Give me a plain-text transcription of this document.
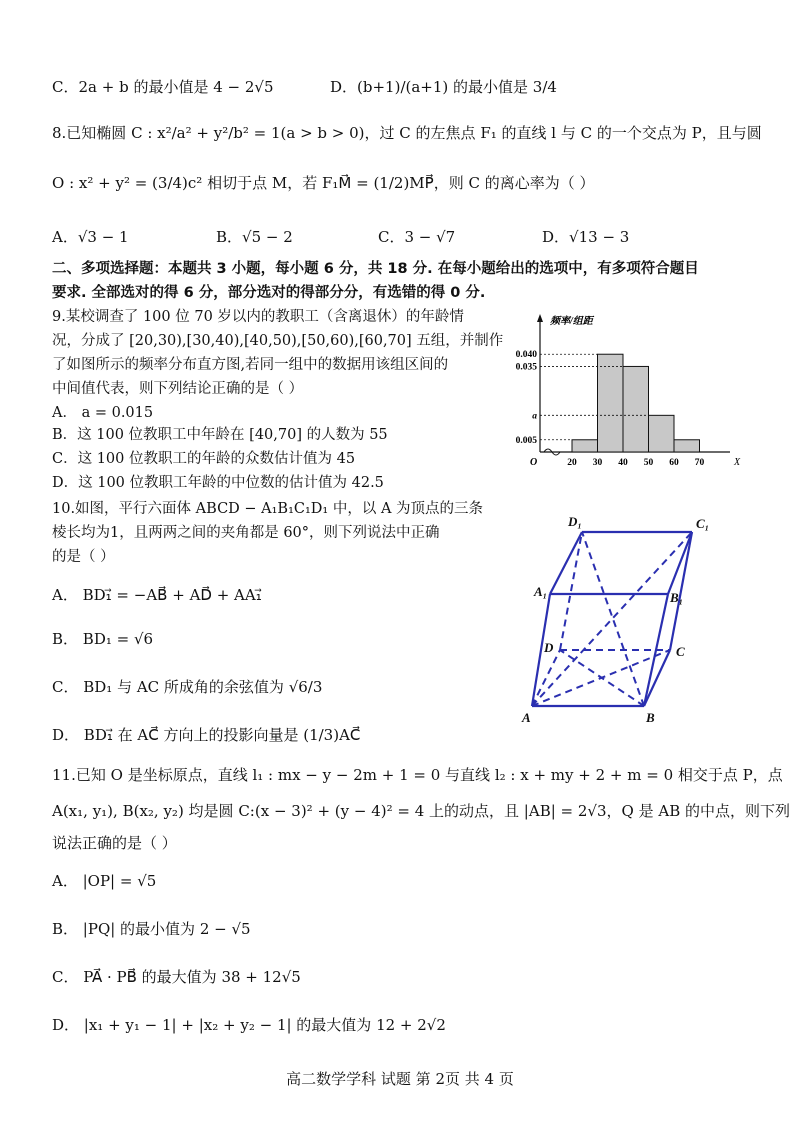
C．2a + b 的最小值是 4 − 2√5	D．(b+1)/(a+1) 的最小值是 3/4
8.已知椭圆 C : x²/a² + y²/b² = 1(a > b > 0)，过 C 的左焦点 F₁ 的直线 l 与 C 的一个交点为 P，且与圆
O : x² + y² = (3/4)c² 相切于点 M，若 F₁M⃗ = (1/2)MP⃗，则 C 的离心率为（ ）
A．√3 − 1	B．√5 − 2	C．3 − √7	D．√13 − 3
二、多项选择题：本题共 3 小题，每小题 6 分，共 18 分. 在每小题给出的选项中，有多项符合题目
要求. 全部选对的得 6 分，部分选对的得部分分，有选错的得 0 分.
9.某校调查了 100 位 70 岁以内的教职工（含离退休）的年龄情
况，分成了 [20,30),[30,40),[40,50),[50,60),[60,70] 五组，并制作
了如图所示的频率分布直方图,若同一组中的数据用该组区间的
中间值代表，则下列结论正确的是（ ）
A． a = 0.015
B．这 100 位教职工中年龄在 [40,70] 的人数为 55
C．这 100 位教职工的年龄的众数估计值为 45
D．这 100 位教职工年龄的中位数的估计值为 42.5
频率/组距
X
O
0.040
0.035
a
0.005
20 30 40 50 60 70
10.如图，平行六面体 ABCD − A₁B₁C₁D₁ 中，以 A 为顶点的三条
棱长均为1，且两两之间的夹角都是 60°，则下列说法中正确
的是（ ）
A． BD₁⃗ = −AB⃗ + AD⃗ + AA₁⃗
B． BD₁ = √6
C． BD₁ 与 AC 所成角的余弦值为 √6/3
D． BD₁⃗ 在 AC⃗ 方向上的投影向量是 (1/3)AC⃗
D₁	C₁
A₁	B₁
D	C
A	B
11.已知 O 是坐标原点，直线 l₁ : mx − y − 2m + 1 = 0 与直线 l₂ : x + my + 2 + m = 0 相交于点 P，点
A(x₁, y₁), B(x₂, y₂) 均是圆 C:(x − 3)² + (y − 4)² = 4 上的动点，且 |AB| = 2√3，Q 是 AB 的中点，则下列
说法正确的是（ ）
A． |OP| = √5
B． |PQ| 的最小值为 2 − √5
C． PA⃗ · PB⃗ 的最大值为 38 + 12√5
D． |x₁ + y₁ − 1| + |x₂ + y₂ − 1| 的最大值为 12 + 2√2
高二数学学科 试题 第 2页 共 4 页
